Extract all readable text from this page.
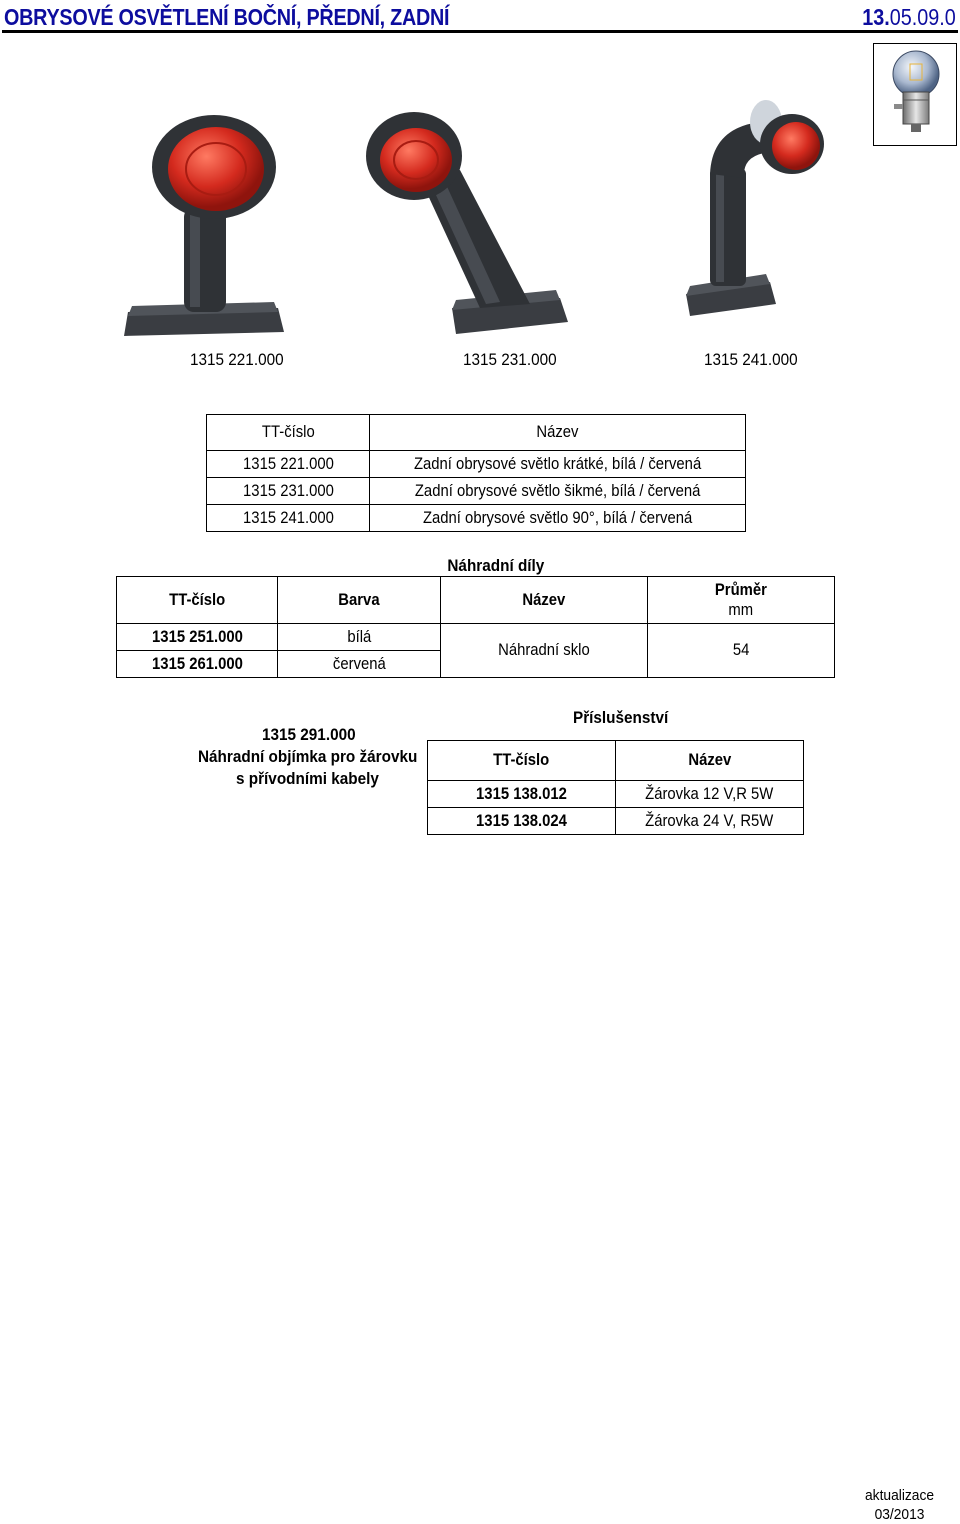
OBRYSOVÉ OSVĚTLENÍ BOČNÍ, PŘEDNÍ, ZADNÍ	13.05.09.0
1315 221.000	1315 231.000	1315 241.000
TT-číslo	Název
1315 221.000	Zadní obrysové světlo krátké, bílá / červená
1315 231.000	Zadní obrysové světlo šikmé, bílá / červená
1315 241.000	Zadní obrysové světlo 90°, bílá / červená
Náhradní díly
TT-číslo	Barva	Název	Průměr
mm
1315 251.000	bílá	Náhradní sklo	54
1315 261.000	červená		
1315 291.000
Náhradní objímka pro žárovku
s přívodními kabely
Příslušenství
TT-číslo	Název
1315 138.012	Žárovka 12 V,R 5W
1315 138.024	Žárovka 24 V, R5W
aktualizace
03/2013
